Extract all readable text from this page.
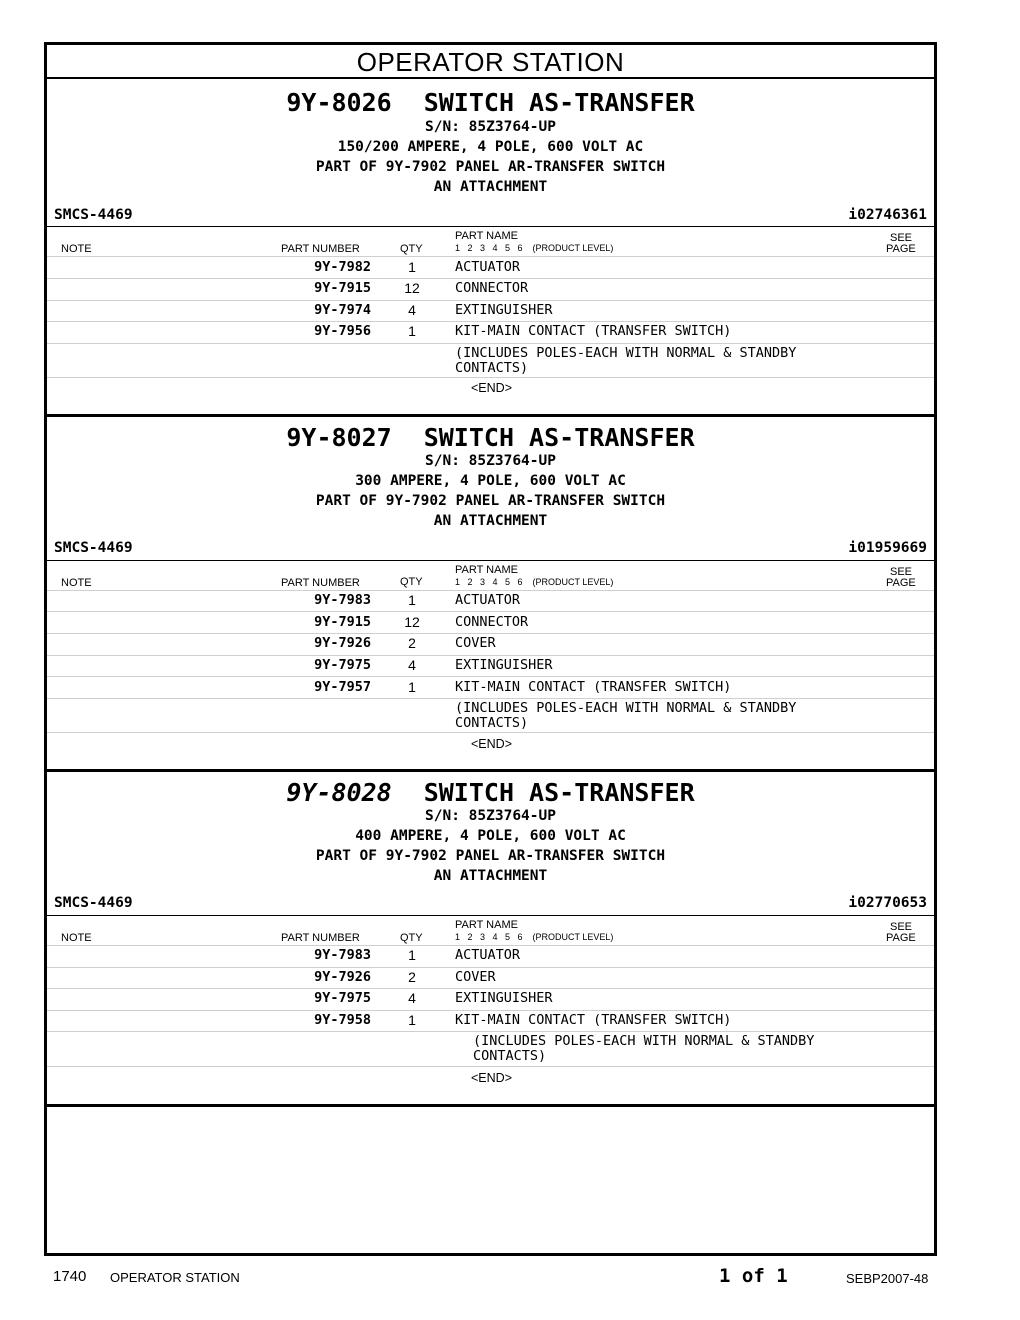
OPERATOR STATION
9Y-8026 SWITCH AS-TRANSFER
S/N: 85Z3764-UP
150/200 AMPERE, 4 POLE, 600 VOLT AC
PART OF 9Y-7902 PANEL AR-TRANSFER SWITCH
AN ATTACHMENT
SMCS-4469	i02746361
NOTE	PART NUMBER	QTY
PART NAME
1   2   3   4   5   6    (PRODUCT LEVEL)
SEE
PAGE
9Y-7982	1	ACTUATOR
9Y-7915	12	CONNECTOR
9Y-7974	4	EXTINGUISHER
9Y-7956	1	KIT-MAIN CONTACT (TRANSFER SWITCH)
(INCLUDES POLES-EACH WITH NORMAL & STANDBY
CONTACTS)
<END>
9Y-8027 SWITCH AS-TRANSFER
S/N: 85Z3764-UP
300 AMPERE, 4 POLE, 600 VOLT AC
PART OF 9Y-7902 PANEL AR-TRANSFER SWITCH
AN ATTACHMENT
SMCS-4469	i01959669
NOTE	PART NUMBER	QTY
PART NAME
1   2   3   4   5   6    (PRODUCT LEVEL)
SEE
PAGE
9Y-7983	1	ACTUATOR
9Y-7915	12	CONNECTOR
9Y-7926	2	COVER
9Y-7975	4	EXTINGUISHER
9Y-7957	1	KIT-MAIN CONTACT (TRANSFER SWITCH)
(INCLUDES POLES-EACH WITH NORMAL & STANDBY
CONTACTS)
<END>
9Y-8028 SWITCH AS-TRANSFER
S/N: 85Z3764-UP
400 AMPERE, 4 POLE, 600 VOLT AC
PART OF 9Y-7902 PANEL AR-TRANSFER SWITCH
AN ATTACHMENT
SMCS-4469	i02770653
NOTE	PART NUMBER	QTY
PART NAME
1   2   3   4   5   6    (PRODUCT LEVEL)
SEE
PAGE
9Y-7983	1	ACTUATOR
9Y-7926	2	COVER
9Y-7975	4	EXTINGUISHER
9Y-7958	1	KIT-MAIN CONTACT (TRANSFER SWITCH)
(INCLUDES POLES-EACH WITH NORMAL & STANDBY
CONTACTS)
<END>
1740 OPERATOR STATION	1 of 1	SEBP2007-48
